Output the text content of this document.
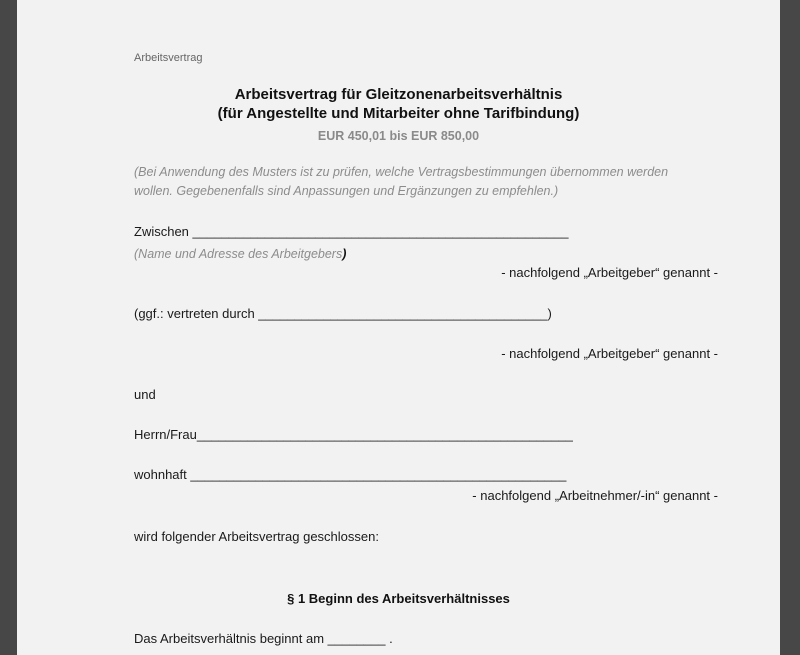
Arbeitsvertrag
Arbeitsvertrag für Gleitzonenarbeitsverhältnis
(für Angestellte und Mitarbeiter ohne Tarifbindung)
EUR 450,01 bis EUR 850,00
(Bei Anwendung des Musters ist zu prüfen, welche Vertragsbestimmungen übernommen werden
wollen. Gegebenenfalls sind Anpassungen und Ergänzungen zu empfehlen.)
Zwischen ____________________________________________________
(Name und Adresse des Arbeitgebers)
- nachfolgend „Arbeitgeber“ genannt -
(ggf.: vertreten durch ________________________________________)
- nachfolgend „Arbeitgeber“ genannt -
und
Herrn/Frau____________________________________________________
wohnhaft ____________________________________________________
- nachfolgend „Arbeitnehmer/-in“ genannt -
wird folgender Arbeitsvertrag geschlossen:
§ 1 Beginn des Arbeitsverhältnisses
Das Arbeitsverhältnis beginnt am ________ .
